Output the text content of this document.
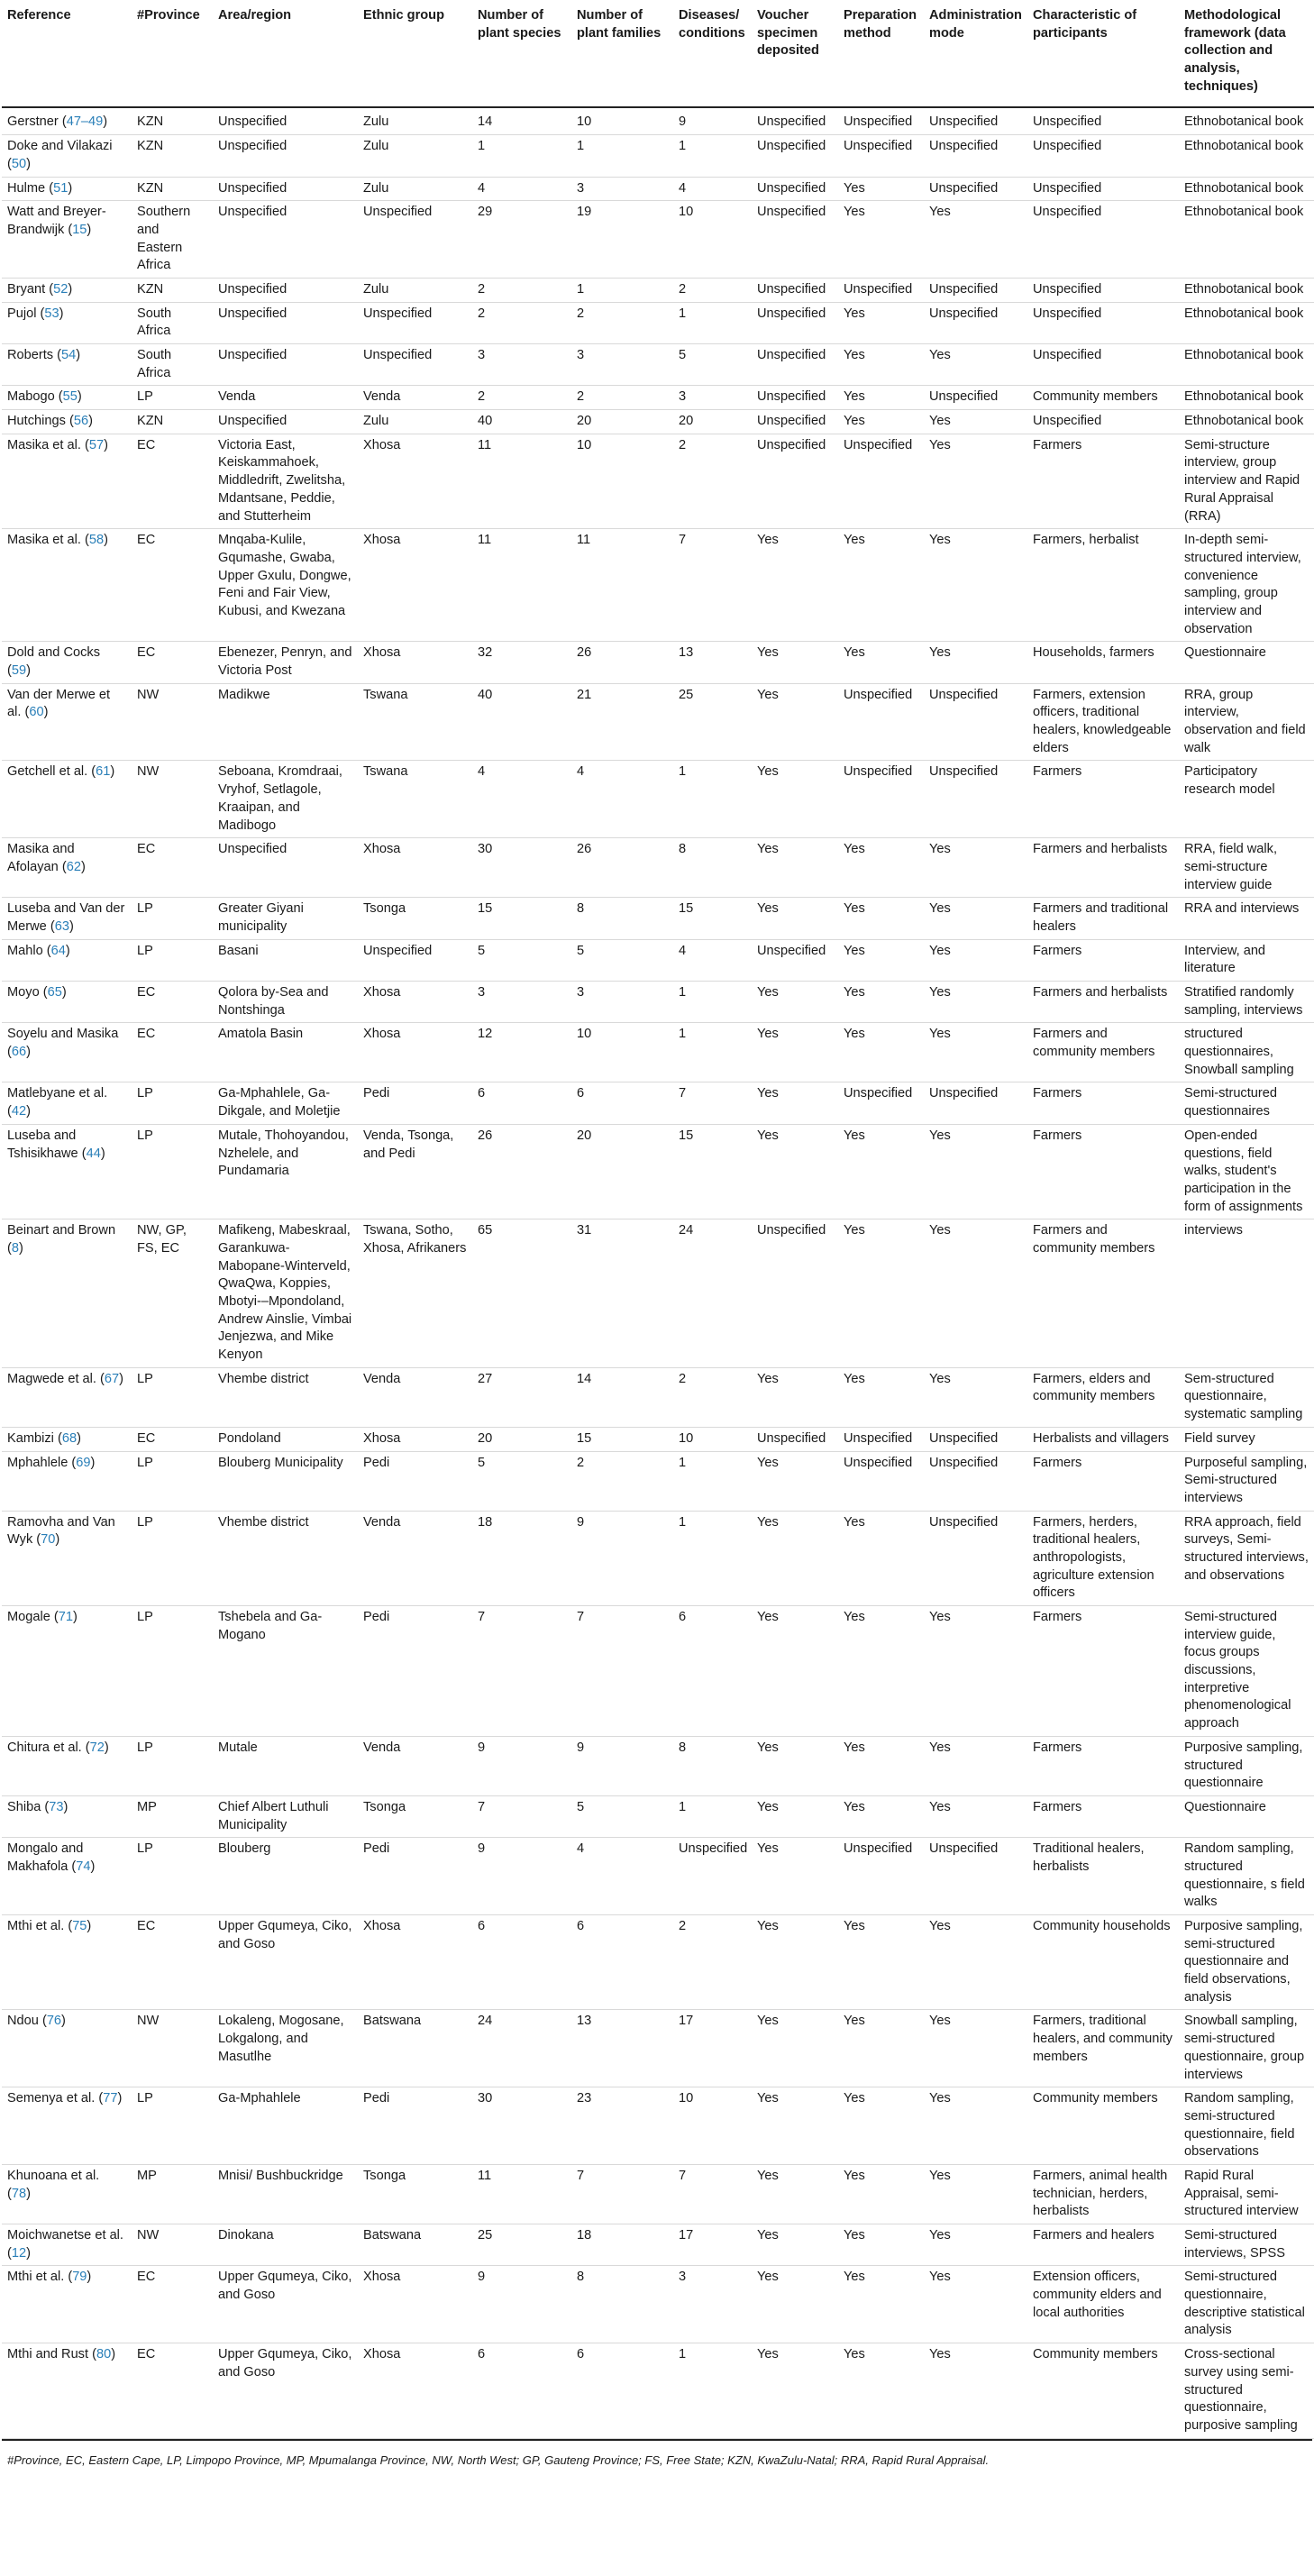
Reference	#Province	Area/region	Ethnic group	Number of plant species	Number of plant families	Diseases/ conditions	Voucher specimen deposited	Preparation method	Administration mode	Characteristic of participants	Methodological framework (data collection and analysis, techniques)
Gerstner (47–49)	KZN	Unspecified	Zulu	14	10	9	Unspecified	Unspecified	Unspecified	Unspecified	Ethnobotanical book
Doke and Vilakazi (50)	KZN	Unspecified	Zulu	1	1	1	Unspecified	Unspecified	Unspecified	Unspecified	Ethnobotanical book
Hulme (51)	KZN	Unspecified	Zulu	4	3	4	Unspecified	Yes	Unspecified	Unspecified	Ethnobotanical book
Watt and Breyer-Brandwijk (15)	Southern and Eastern Africa	Unspecified	Unspecified	29	19	10	Unspecified	Yes	Yes	Unspecified	Ethnobotanical book
Bryant (52)	KZN	Unspecified	Zulu	2	1	2	Unspecified	Unspecified	Unspecified	Unspecified	Ethnobotanical book
Pujol (53)	South Africa	Unspecified	Unspecified	2	2	1	Unspecified	Yes	Unspecified	Unspecified	Ethnobotanical book
Roberts (54)	South Africa	Unspecified	Unspecified	3	3	5	Unspecified	Yes	Yes	Unspecified	Ethnobotanical book
Mabogo (55)	LP	Venda	Venda	2	2	3	Unspecified	Yes	Unspecified	Community members	Ethnobotanical book
Hutchings (56)	KZN	Unspecified	Zulu	40	20	20	Unspecified	Yes	Yes	Unspecified	Ethnobotanical book
Masika et al. (57)	EC	Victoria East, Keiskammahoek, Middledrift, Zwelitsha, Mdantsane, Peddie, and Stutterheim	Xhosa	11	10	2	Unspecified	Unspecified	Yes	Farmers	Semi-structure interview, group interview and Rapid Rural Appraisal (RRA)
Masika et al. (58)	EC	Mnqaba-Kulile, Gqumashe, Gwaba, Upper Gxulu, Dongwe, Feni and Fair View, Kubusi, and Kwezana	Xhosa	11	11	7	Yes	Yes	Yes	Farmers, herbalist	In-depth semi-structured interview, convenience sampling, group interview and observation
Dold and Cocks (59)	EC	Ebenezer, Penryn, and Victoria Post	Xhosa	32	26	13	Yes	Yes	Yes	Households, farmers	Questionnaire
Van der Merwe et al. (60)	NW	Madikwe	Tswana	40	21	25	Yes	Unspecified	Unspecified	Farmers, extension officers, traditional healers, knowledgeable elders	RRA, group interview, observation and field walk
Getchell et al. (61)	NW	Seboana, Kromdraai, Vryhof, Setlagole, Kraaipan, and Madibogo	Tswana	4	4	1	Yes	Unspecified	Unspecified	Farmers	Participatory research model
Masika and Afolayan (62)	EC	Unspecified	Xhosa	30	26	8	Yes	Yes	Yes	Farmers and herbalists	RRA, field walk, semi-structure interview guide
Luseba and Van der Merwe (63)	LP	Greater Giyani municipality	Tsonga	15	8	15	Yes	Yes	Yes	Farmers and traditional healers	RRA and interviews
Mahlo (64)	LP	Basani	Unspecified	5	5	4	Unspecified	Yes	Yes	Farmers	Interview, and literature
Moyo (65)	EC	Qolora by-Sea and Nontshinga	Xhosa	3	3	1	Yes	Yes	Yes	Farmers and herbalists	Stratified randomly sampling, interviews
Soyelu and Masika (66)	EC	Amatola Basin	Xhosa	12	10	1	Yes	Yes	Yes	Farmers and community members	structured questionnaires, Snowball sampling
Matlebyane et al. (42)	LP	Ga-Mphahlele, Ga-Dikgale, and Moletjie	Pedi	6	6	7	Yes	Unspecified	Unspecified	Farmers	Semi-structured questionnaires
Luseba and Tshisikhawe (44)	LP	Mutale, Thohoyandou, Nzhelele, and Pundamaria	Venda, Tsonga, and Pedi	26	20	15	Yes	Yes	Yes	Farmers	Open-ended questions, field walks, student's participation in the form of assignments
Beinart and Brown (8)	NW, GP, FS, EC	Mafikeng, Mabeskraal, Garankuwa-Mabopane-Winterveld, QwaQwa, Koppies, Mbotyi-–Mpondoland, Andrew Ainslie, Vimbai Jenjezwa, and Mike Kenyon	Tswana, Sotho, Xhosa, Afrikaners	65	31	24	Unspecified	Yes	Yes	Farmers and community members	interviews
Magwede et al. (67)	LP	Vhembe district	Venda	27	14	2	Yes	Yes	Yes	Farmers, elders and community members	Sem-structured questionnaire, systematic sampling
Kambizi (68)	EC	Pondoland	Xhosa	20	15	10	Unspecified	Unspecified	Unspecified	Herbalists and villagers	Field survey
Mphahlele (69)	LP	Blouberg Municipality	Pedi	5	2	1	Yes	Unspecified	Unspecified	Farmers	Purposeful sampling, Semi-structured interviews
Ramovha and Van Wyk (70)	LP	Vhembe district	Venda	18	9	1	Yes	Yes	Unspecified	Farmers, herders, traditional healers, anthropologists, agriculture extension officers	RRA approach, field surveys, Semi-structured interviews, and observations
Mogale (71)	LP	Tshebela and Ga-Mogano	Pedi	7	7	6	Yes	Yes	Yes	Farmers	Semi-structured interview guide, focus groups discussions, interpretive phenomenological approach
Chitura et al. (72)	LP	Mutale	Venda	9	9	8	Yes	Yes	Yes	Farmers	Purposive sampling, structured questionnaire
Shiba (73)	MP	Chief Albert Luthuli Municipality	Tsonga	7	5	1	Yes	Yes	Yes	Farmers	Questionnaire
Mongalo and Makhafola (74)	LP	Blouberg	Pedi	9	4	Unspecified	Yes	Unspecified	Unspecified	Traditional healers, herbalists	Random sampling, structured questionnaire, s field walks
Mthi et al. (75)	EC	Upper Gqumeya, Ciko, and Goso	Xhosa	6	6	2	Yes	Yes	Yes	Community households	Purposive sampling, semi-structured questionnaire and field observations, analysis
Ndou (76)	NW	Lokaleng, Mogosane, Lokgalong, and Masutlhe	Batswana	24	13	17	Yes	Yes	Yes	Farmers, traditional healers, and community members	Snowball sampling, semi-structured questionnaire, group interviews
Semenya et al. (77)	LP	Ga-Mphahlele	Pedi	30	23	10	Yes	Yes	Yes	Community members	Random sampling, semi-structured questionnaire, field observations
Khunoana et al. (78)	MP	Mnisi/ Bushbuckridge	Tsonga	11	7	7	Yes	Yes	Yes	Farmers, animal health technician, herders, herbalists	Rapid Rural Appraisal, semi-structured interview
Moichwanetse et al. (12)	NW	Dinokana	Batswana	25	18	17	Yes	Yes	Yes	Farmers and healers	Semi-structured interviews, SPSS
Mthi et al. (79)	EC	Upper Gqumeya, Ciko, and Goso	Xhosa	9	8	3	Yes	Yes	Yes	Extension officers, community elders and local authorities	Semi-structured questionnaire, descriptive statistical analysis
Mthi and Rust (80)	EC	Upper Gqumeya, Ciko, and Goso	Xhosa	6	6	1	Yes	Yes	Yes	Community members	Cross-sectional survey using semi-structured questionnaire, purposive sampling
#Province, EC, Eastern Cape, LP, Limpopo Province, MP, Mpumalanga Province, NW, North West; GP, Gauteng Province; FS, Free State; KZN, KwaZulu-Natal; RRA, Rapid Rural Appraisal.
